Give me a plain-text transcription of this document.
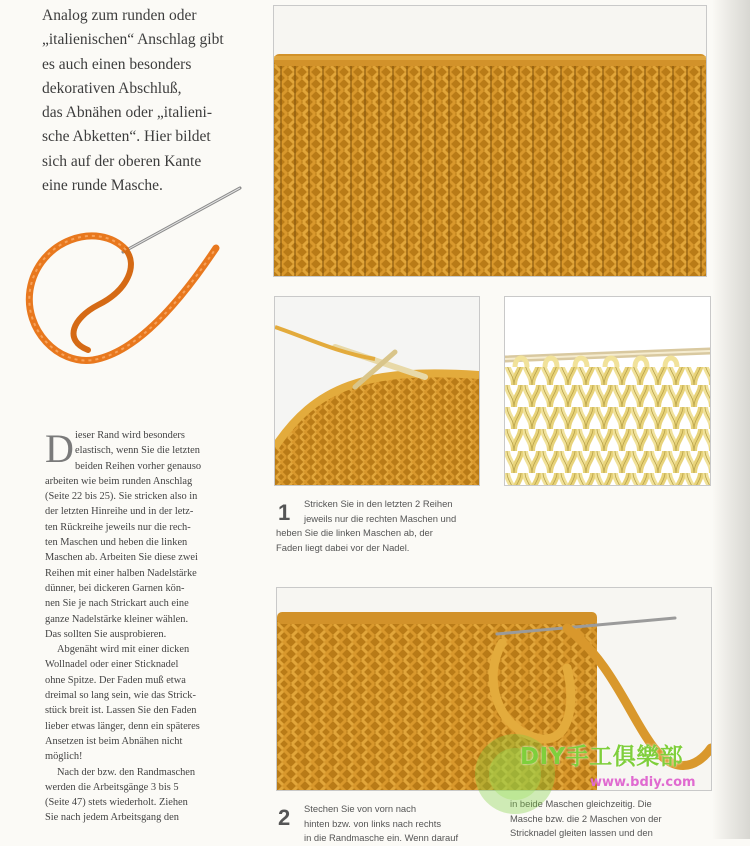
Analog zum runden oder
„italienischen“ Anschlag gibt
es auch einen besonders
dekorativen Abschluß,
das Abnähen oder „italieni-
sche Abketten“. Hier bildet
sich auf der oberen Kante
eine runde Masche.
D ieser Rand wird besonders
elastisch, wenn Sie die letzten
beiden Reihen vorher genauso
arbeiten wie beim runden Anschlag
(Seite 22 bis 25). Sie stricken also in
der letzten Hinreihe und in der letz-
ten Rückreihe jeweils nur die rech-
ten Maschen und heben die linken
Maschen ab. Arbeiten Sie diese zwei
Reihen mit einer halben Nadelstärke
dünner, bei dickeren Garnen kön-
nen Sie je nach Strickart auch eine
ganze Nadelstärke kleiner wählen.
Das sollten Sie ausprobieren.
Abgenäht wird mit einer dicken
Wollnadel oder einer Sticknadel
ohne Spitze. Der Faden muß etwa
dreimal so lang sein, wie das Strick-
stück breit ist. Lassen Sie den Faden
lieber etwas länger, denn ein späteres
Ansetzen ist beim Abnähen nicht
möglich!
Nach der bzw. den Randmaschen
werden die Arbeitsgänge 3 bis 5
(Seite 47) stets wiederholt. Ziehen
Sie nach jedem Arbeitsgang den
1	Stricken Sie in den letzten 2 Reihen
jeweils nur die rechten Maschen und
heben Sie die linken Maschen ab, der
Faden liegt dabei vor der Nadel.
2 Stechen Sie von vorn nach
hinten bzw. von links nach rechts
in die Randmasche ein. Wenn darauf
in beide Maschen gleichzeitig. Die
Masche bzw. die 2 Maschen von der
Stricknadel gleiten lassen und den
DIY手工俱樂部
www.bdiy.com
